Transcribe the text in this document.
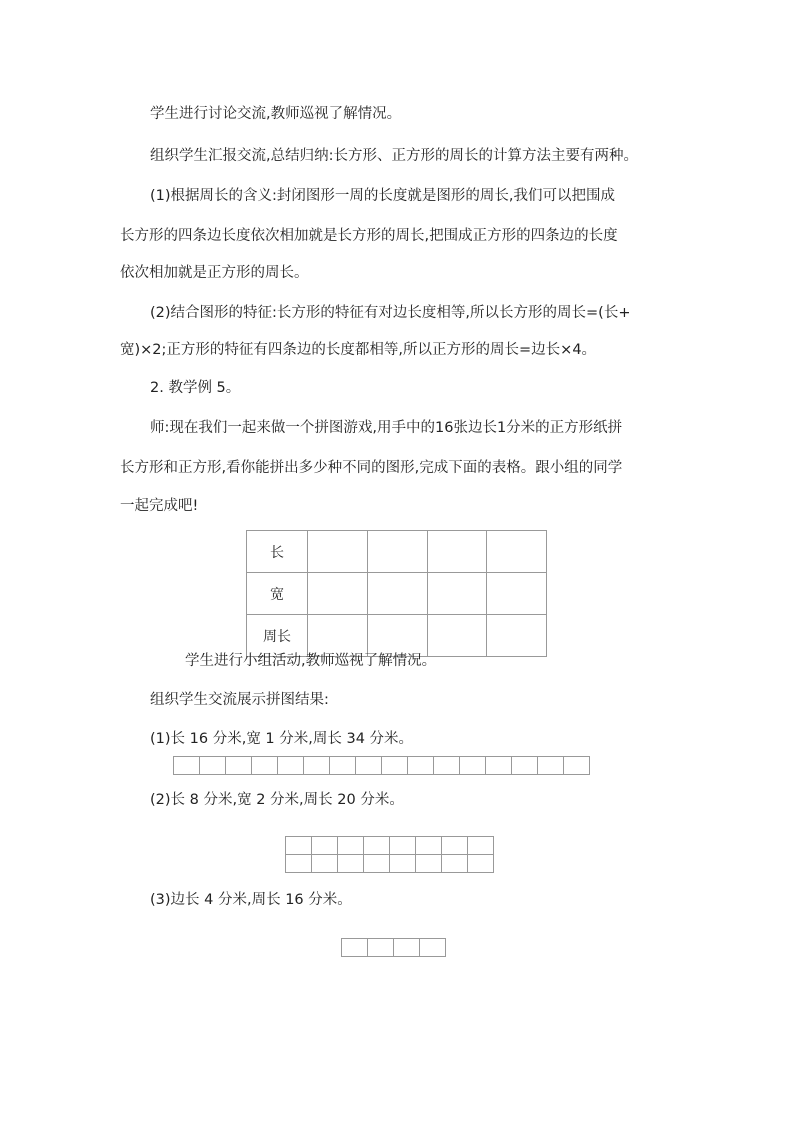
学生进行讨论交流,教师巡视了解情况。
组织学生汇报交流,总结归纳:长方形、正方形的周长的计算方法主要有两种。
(1)根据周长的含义:封闭图形一周的长度就是图形的周长,我们可以把围成
长方形的四条边长度依次相加就是长方形的周长,把围成正方形的四条边的长度
依次相加就是正方形的周长。
(2)结合图形的特征:长方形的特征有对边长度相等,所以长方形的周长=(长+
宽)×2;正方形的特征有四条边的长度都相等,所以正方形的周长=边长×4。
2. 教学例 5。
师:现在我们一起来做一个拼图游戏,用手中的16张边长1分米的正方形纸拼
长方形和正方形,看你能拼出多少种不同的图形,完成下面的表格。跟小组的同学
一起完成吧!
长				
宽				
周长				
学生进行小组活动,教师巡视了解情况。
组织学生交流展示拼图结果:
(1)长 16 分米,宽 1 分米,周长 34 分米。
(2)长 8 分米,宽 2 分米,周长 20 分米。
(3)边长 4 分米,周长 16 分米。
